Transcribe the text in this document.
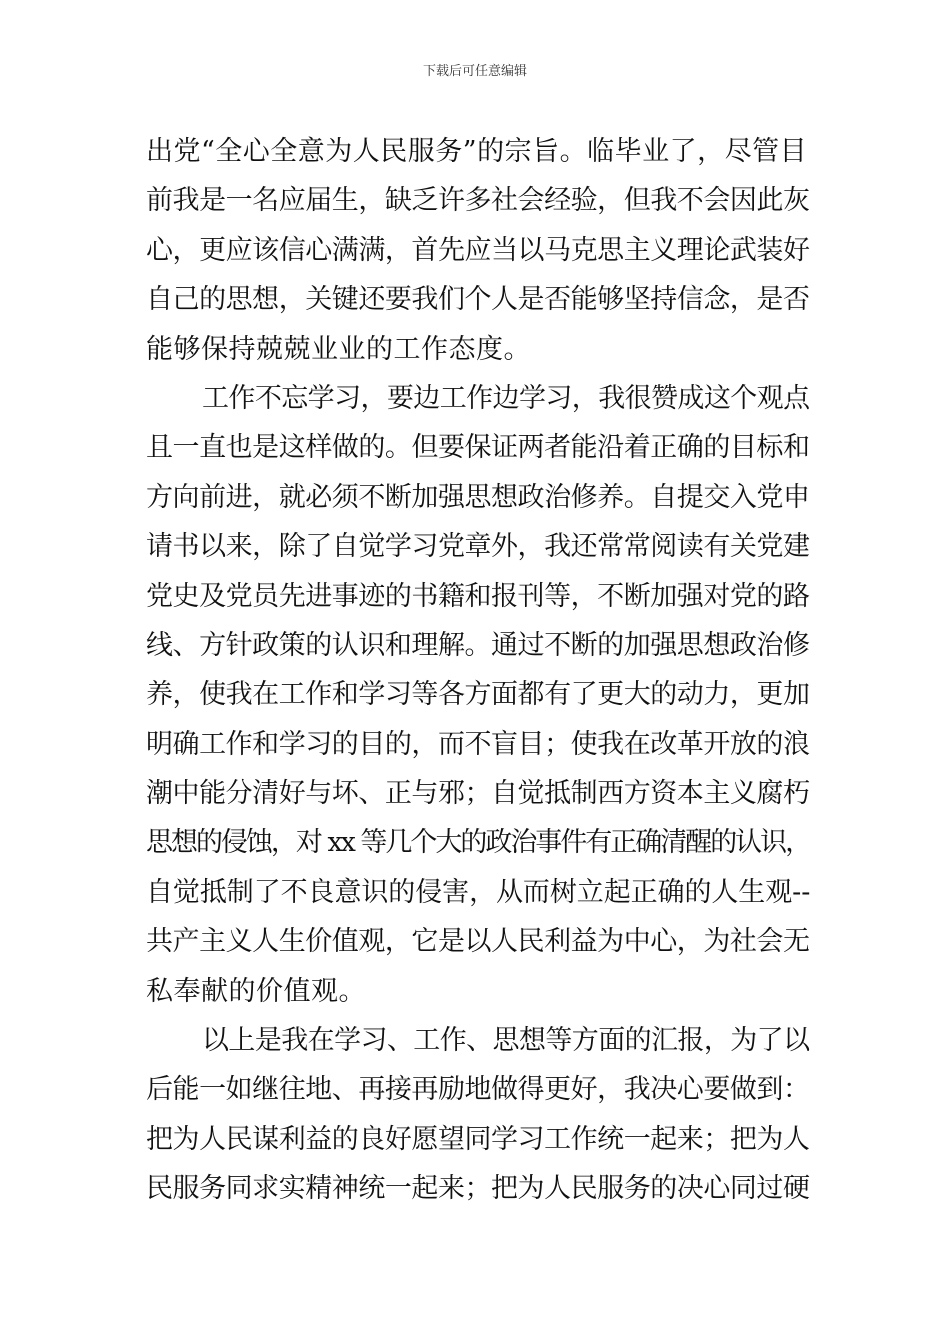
下载后可任意编辑
出党“全心全意为人民服务”的宗旨。临毕业了，尽管目
前我是一名应届生，缺乏许多社会经验，但我不会因此灰
心，更应该信心满满，首先应当以马克思主义理论武装好
自己的思想，关键还要我们个人是否能够坚持信念，是否
能够保持兢兢业业的工作态度。
工作不忘学习，要边工作边学习，我很赞成这个观点
且一直也是这样做的。但要保证两者能沿着正确的目标和
方向前进，就必须不断加强思想政治修养。自提交入党申
请书以来，除了自觉学习党章外，我还常常阅读有关党建
党史及党员先进事迹的书籍和报刊等，不断加强对党的路
线、方针政策的认识和理解。通过不断的加强思想政治修
养，使我在工作和学习等各方面都有了更大的动力，更加
明确工作和学习的目的，而不盲目；使我在改革开放的浪
潮中能分清好与坏、正与邪；自觉抵制西方资本主义腐朽
思想的侵蚀，对 xx 等几个大的政治事件有正确清醒的认识，
自觉抵制了不良意识的侵害，从而树立起正确的人生观--
共产主义人生价值观，它是以人民利益为中心，为社会无
私奉献的价值观。
以上是我在学习、工作、思想等方面的汇报，为了以
后能一如继往地、再接再励地做得更好，我决心要做到：
把为人民谋利益的良好愿望同学习工作统一起来；把为人
民服务同求实精神统一起来；把为人民服务的决心同过硬
